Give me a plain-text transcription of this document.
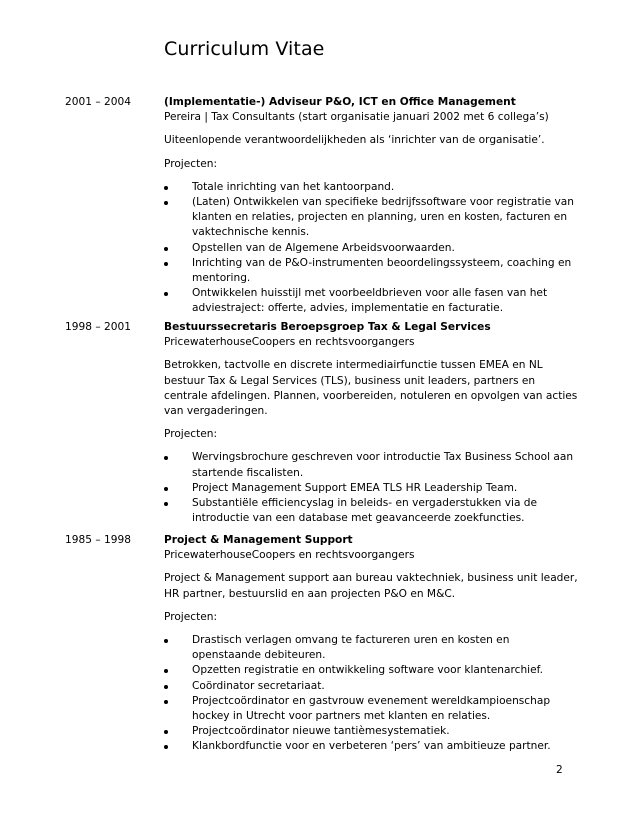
Curriculum Vitae
2001 – 2004	(Implementatie-) Adviseur P&O, ICT en Office Management

Pereira | Tax Consultants (start organisatie januari 2002 met 6 collega’s)

Uiteenlopende verantwoordelijkheden als ‘inrichter van de organisatie’.

Projecten:

Totale inrichting van het kantoorpand.
(Laten) Ontwikkelen van specifieke bedrijfssoftware voor registratie van klanten en relaties, projecten en planning, uren en kosten, facturen en vaktechnische kennis.
Opstellen van de Algemene Arbeidsvoorwaarden.
Inrichting van de P&O-instrumenten beoordelingssysteem, coaching en mentoring.
Ontwikkelen huisstijl met voorbeeldbrieven voor alle fasen van het adviestraject: offerte, advies, implementatie en facturatie.
1998 – 2001	Bestuurssecretaris Beroepsgroep Tax & Legal Services

PricewaterhouseCoopers en rechtsvoorgangers

Betrokken, tactvolle en discrete intermediairfunctie tussen EMEA en NL bestuur Tax & Legal Services (TLS), business unit leaders, partners en centrale afdelingen. Plannen, voorbereiden, notuleren en opvolgen van acties van vergaderingen.

Projecten:

Wervingsbrochure geschreven voor introductie Tax Business School aan startende fiscalisten.
Project Management Support EMEA TLS HR Leadership Team.
Substantiële efficiencyslag in beleids- en vergaderstukken via de introductie van een database met geavanceerde zoekfuncties.
1985 – 1998	Project & Management Support

PricewaterhouseCoopers en rechtsvoorgangers

Project & Management support aan bureau vaktechniek, business unit leader, HR partner, bestuurslid en aan projecten P&O en M&C.

Projecten:

Drastisch verlagen omvang te factureren uren en kosten en openstaande debiteuren.
Opzetten registratie en ontwikkeling software voor klantenarchief.
Coördinator secretariaat.
Projectcoördinator en gastvrouw evenement wereldkampioenschap hockey in Utrecht voor partners met klanten en relaties.
Projectcoördinator nieuwe tantièmesystematiek.
Klankbordfunctie voor en verbeteren ‘pers’ van ambitieuze partner.
2
